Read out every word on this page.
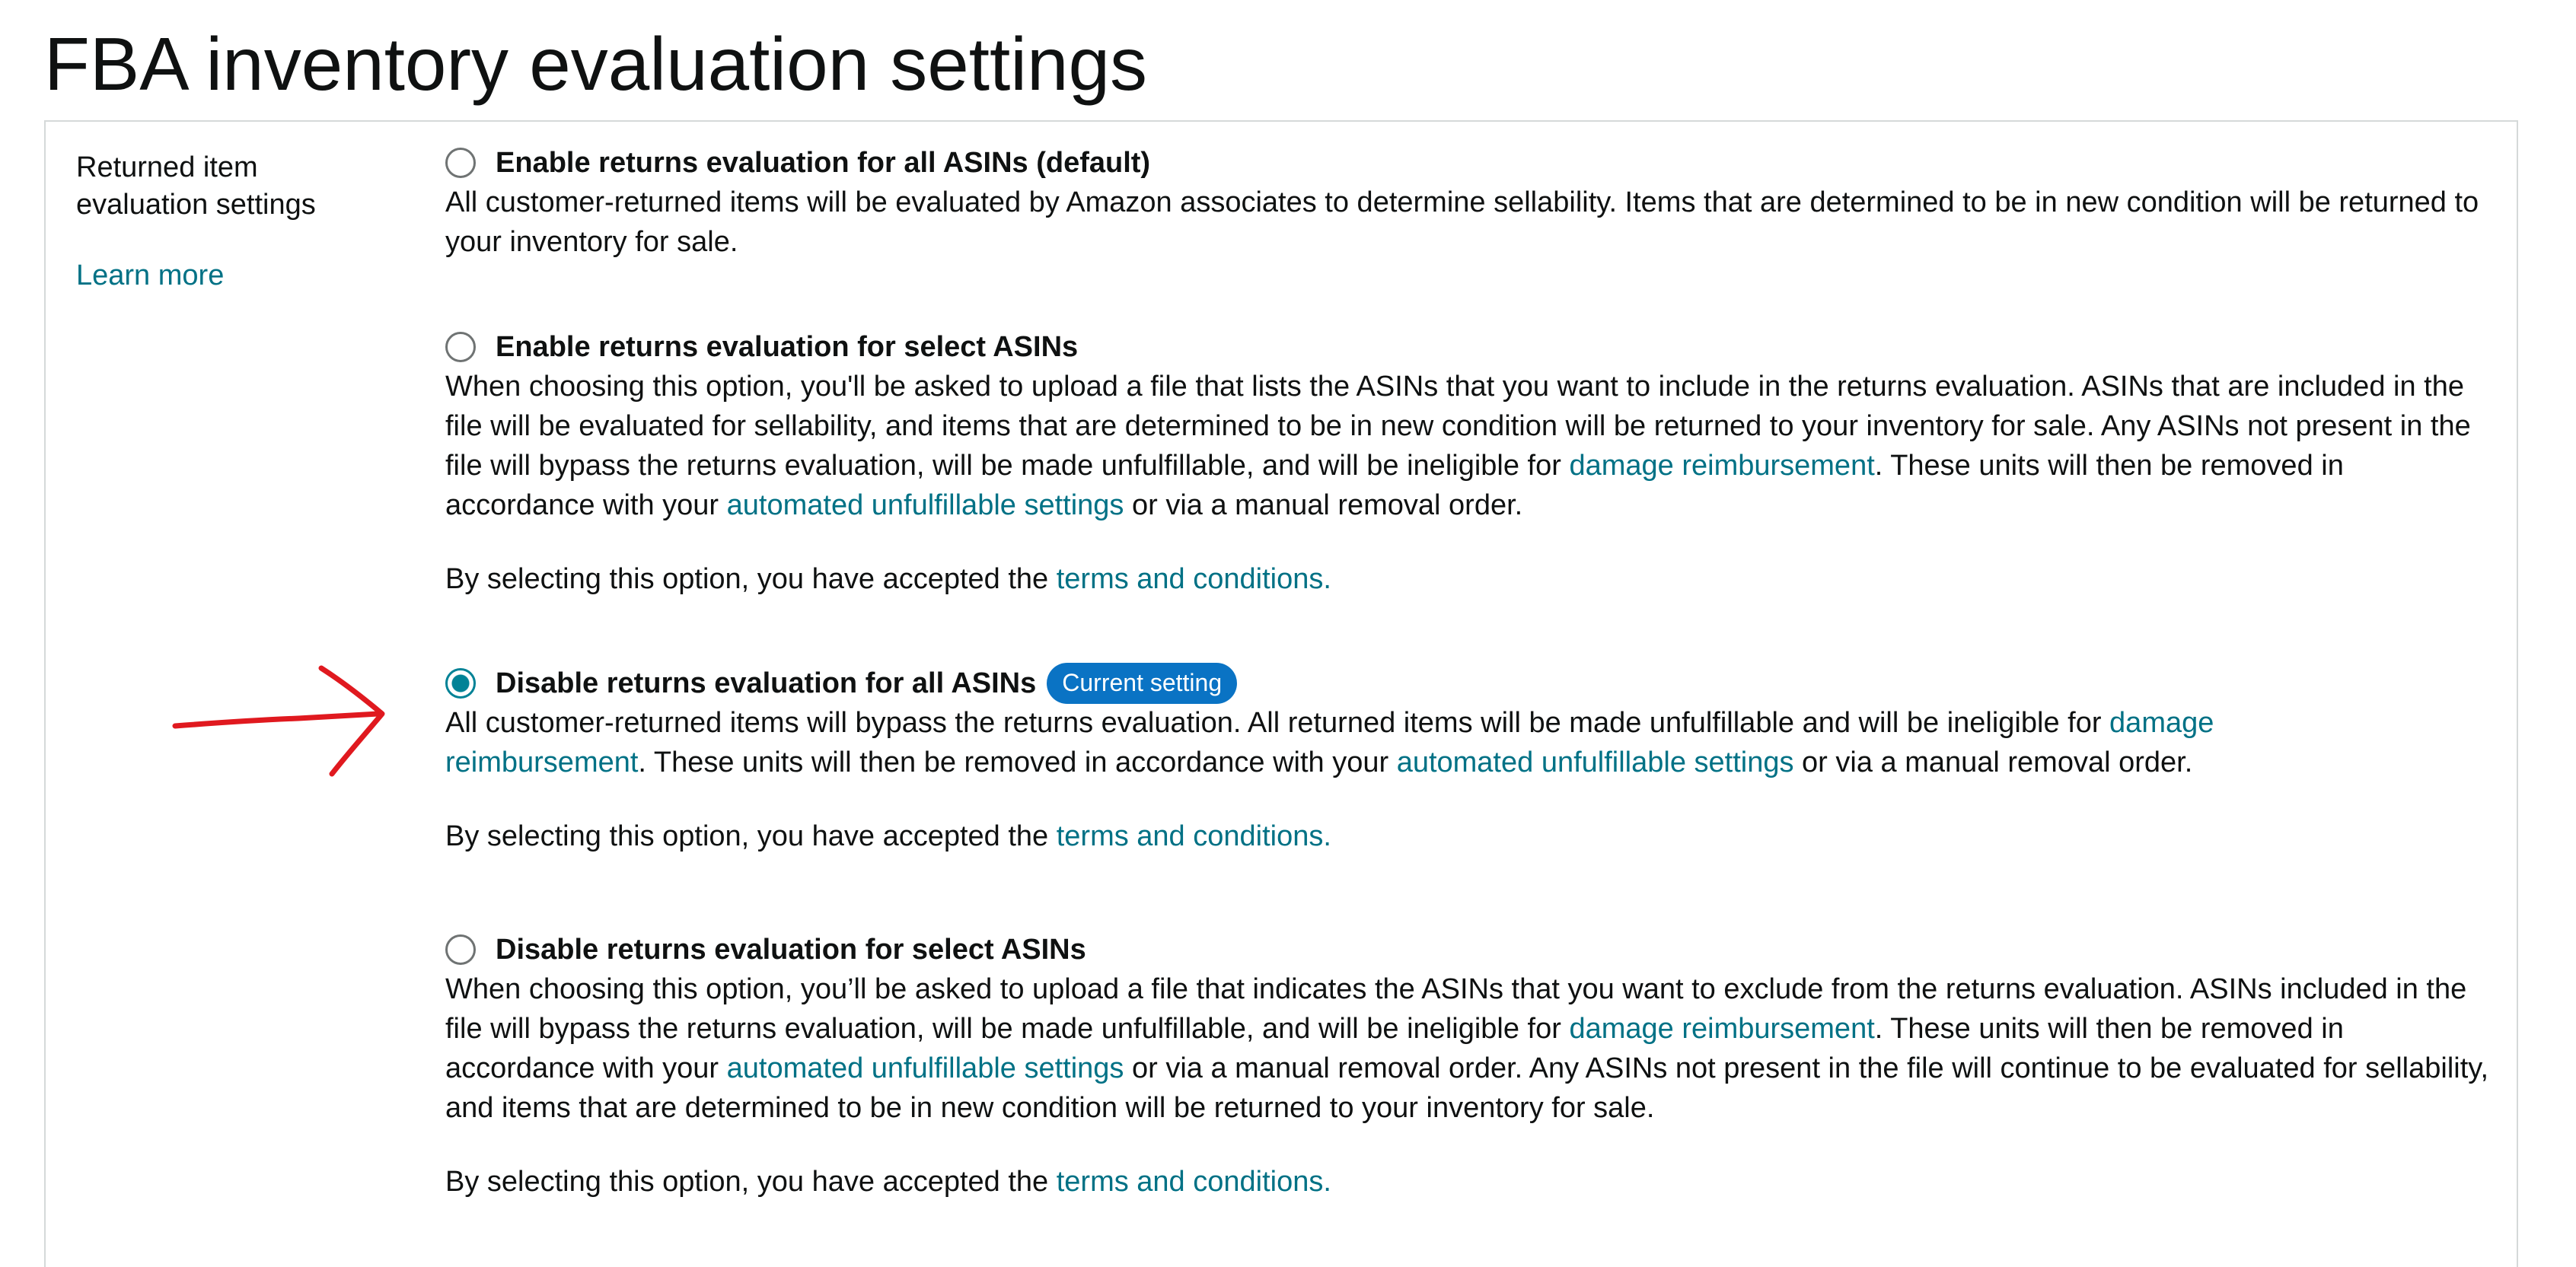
FBA inventory evaluation settings
Returned item evaluation settings
Learn more
Enable returns evaluation for all ASINs (default)
All customer-returned items will be evaluated by Amazon associates to determine sellability. Items that are determined to be in new condition will be returned to your inventory for sale.
Enable returns evaluation for select ASINs
When choosing this option, you'll be asked to upload a file that lists the ASINs that you want to include in the returns evaluation. ASINs that are included in the file will be evaluated for sellability, and items that are determined to be in new condition will be returned to your inventory for sale. Any ASINs not present in the file will bypass the returns evaluation, will be made unfulfillable, and will be ineligible for damage reimbursement. These units will then be removed in accordance with your automated unfulfillable settings or via a manual removal order.
By selecting this option, you have accepted the terms and conditions.
Disable returns evaluation for all ASINs	Current setting
All customer-returned items will bypass the returns evaluation. All returned items will be made unfulfillable and will be ineligible for damage reimbursement. These units will then be removed in accordance with your automated unfulfillable settings or via a manual removal order.
By selecting this option, you have accepted the terms and conditions.
Disable returns evaluation for select ASINs
When choosing this option, you’ll be asked to upload a file that indicates the ASINs that you want to exclude from the returns evaluation. ASINs included in the file will bypass the returns evaluation, will be made unfulfillable, and will be ineligible for damage reimbursement. These units will then be removed in accordance with your automated unfulfillable settings or via a manual removal order. Any ASINs not present in the file will continue to be evaluated for sellability, and items that are determined to be in new condition will be returned to your inventory for sale.
By selecting this option, you have accepted the terms and conditions.
